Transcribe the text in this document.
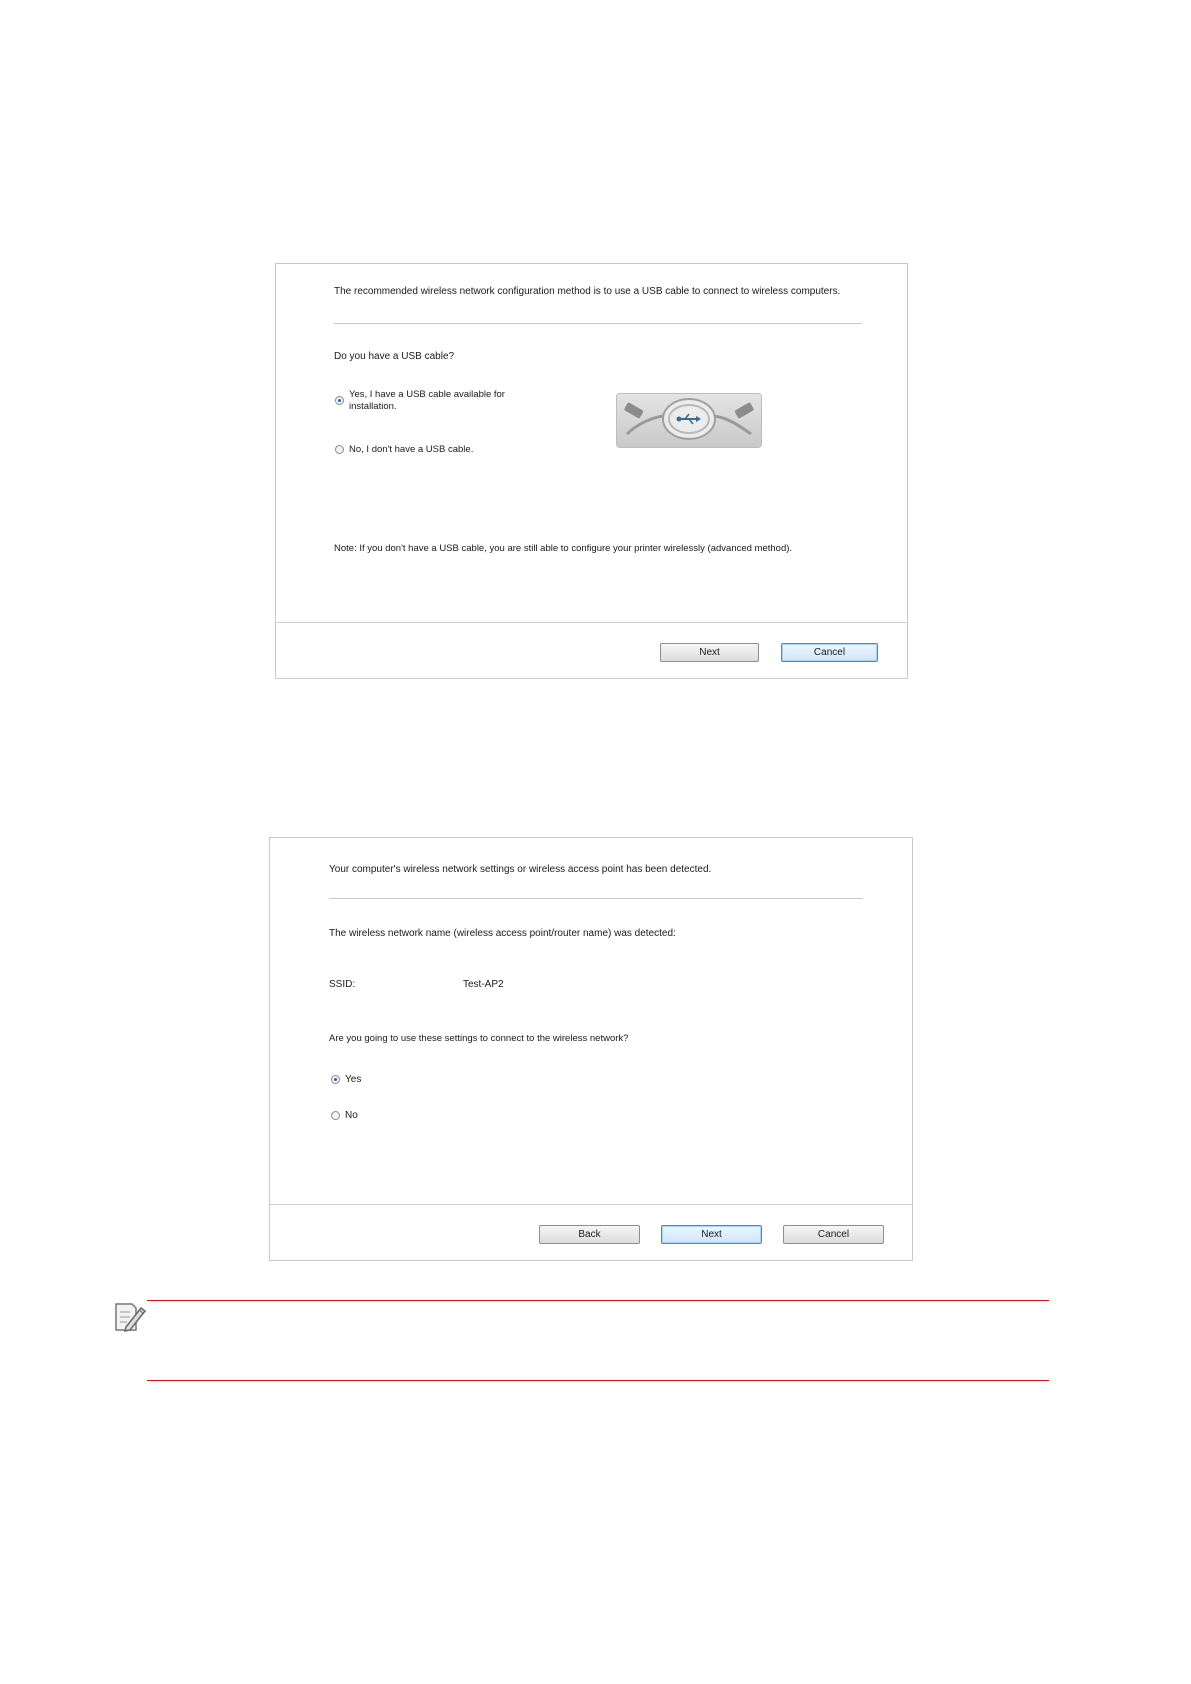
The recommended wireless network configuration method is to use a USB cable to connect to wireless computers.
Do you have a USB cable?
Yes, I have a USB cable available for
installation.
No, I don't have a USB cable.
Note: If you don't have a USB cable, you are still able to configure your printer wirelessly (advanced method).
Next	Cancel
Your computer's wireless network settings or wireless access point has been detected.
The wireless network name (wireless access point/router name) was detected:
SSID:	Test-AP2
Are you going to use these settings to connect to the wireless network?
Yes
No
Back	Next	Cancel
